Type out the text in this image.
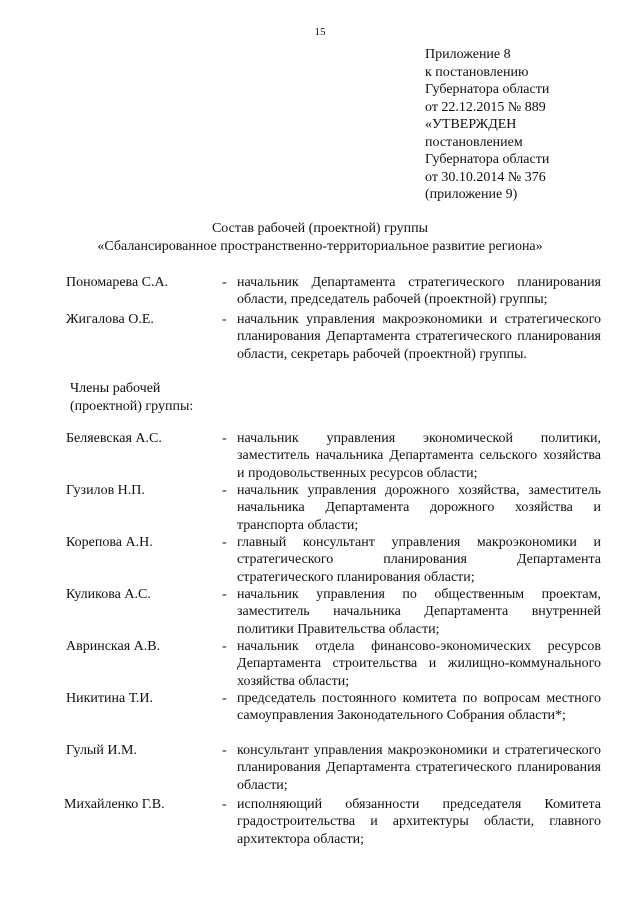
15
Приложение 8
к постановлению
Губернатора области
от 22.12.2015 № 889
«УТВЕРЖДЕН
постановлением
Губернатора области
от 30.10.2014 № 376
(приложение 9)
Состав рабочей (проектной) группы
«Сбалансированное пространственно-территориальное развитие региона»
Пономарева С.А.	- начальник Департамента стратегического планирования области, председатель рабочей (проектной) группы;
Жигалова О.Е.	- начальник управления макроэкономики и стратегического планирования Департамента стратегического планирования области, секретарь рабочей (проектной) группы.
Члены рабочей
(проектной) группы:
Беляевская А.С.	- начальник управления экономической политики, заместитель начальника Департамента сельского хозяйства и продовольственных ресурсов области;
Гузилов Н.П.	- начальник управления дорожного хозяйства, заместитель начальника Департамента дорожного хозяйства и транспорта области;
Корепова А.Н.	- главный консультант управления макроэкономики и стратегического планирования Департамента стратегического планирования области;
Куликова А.С.	- начальник управления по общественным проектам, заместитель начальника Департамента внутренней политики Правительства области;
Авринская А.В.	- начальник отдела финансово-экономических ресурсов Департамента строительства и жилищно-коммунального хозяйства области;
Никитина Т.И.	- председатель постоянного комитета по вопросам местного самоуправления Законодательного Собрания области*;
Гулый И.М.	- консультант управления макроэкономики и стратегического планирования Департамента стратегического планирования области;
Михайленко Г.В.	- исполняющий обязанности председателя Комитета градостроительства и архитектуры области, главного архитектора области;
